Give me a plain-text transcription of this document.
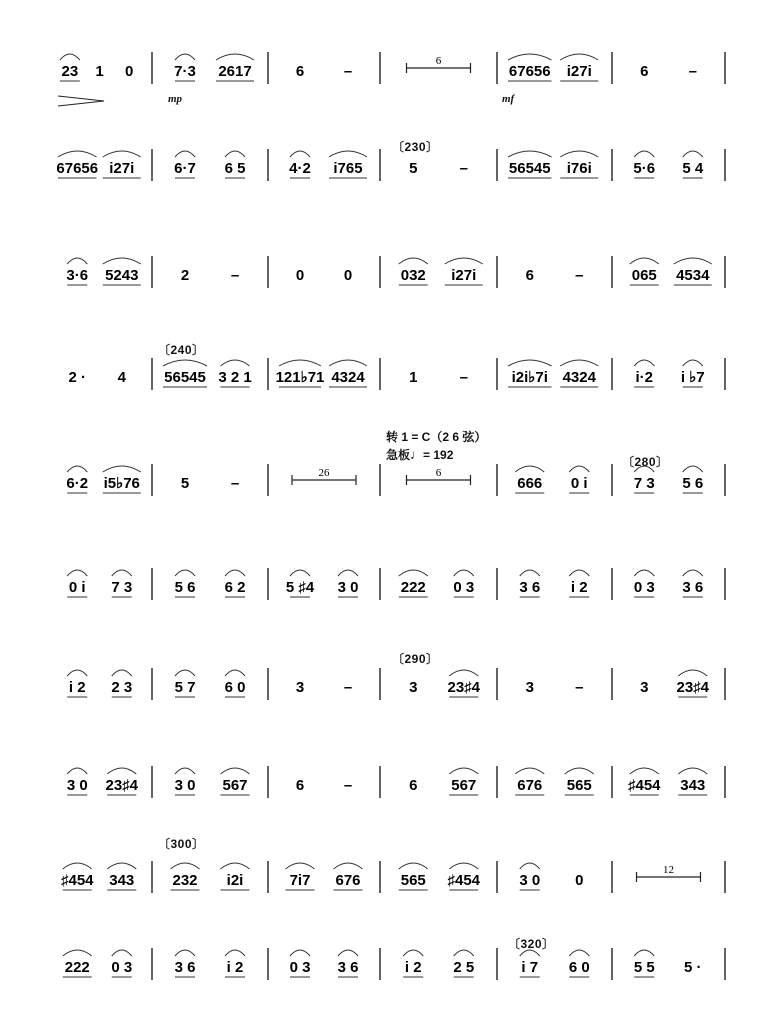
23 1 0	7·3 2617	6	–
6
67656 i27i	6	–
67656 i27i	6·7 6 5	4·2 i765	5	–	56545 i76i	5·6 5 4
3·6 5243	2	–	0	0	032 i27i	6	–	065 4534
2 · 4	56545 3 2 1 121♭71 4324	1	–	i2i♭7i 4324	i·2 i ♭7
6·2 i5♭76	5	–
26	6
666 0 i	7 3 5 6
0 i 7 3	5 6 6 2	5 ♯4 3 0	222 0 3	3 6 i 2	0 3 3 6
i 2 2 3	5 7 6 0	3	–	3 23♯4	3	–	3 23♯4
3 0 23♯4 3 0 567	6	–	6 567	676 565 ♯454 343
♯454 343	232 i2i	7i7 676	565 ♯454	3 0 0
12
222 0 3	3 6 i 2	0 3 3 6	i 2 2 5	i 7 6 0	5 5 5 ·
〔230〕
〔240〕
〔280〕
〔290〕
〔300〕
〔320〕
mp	mf
转 1 = C（2 6 弦）
急板♩= 192
